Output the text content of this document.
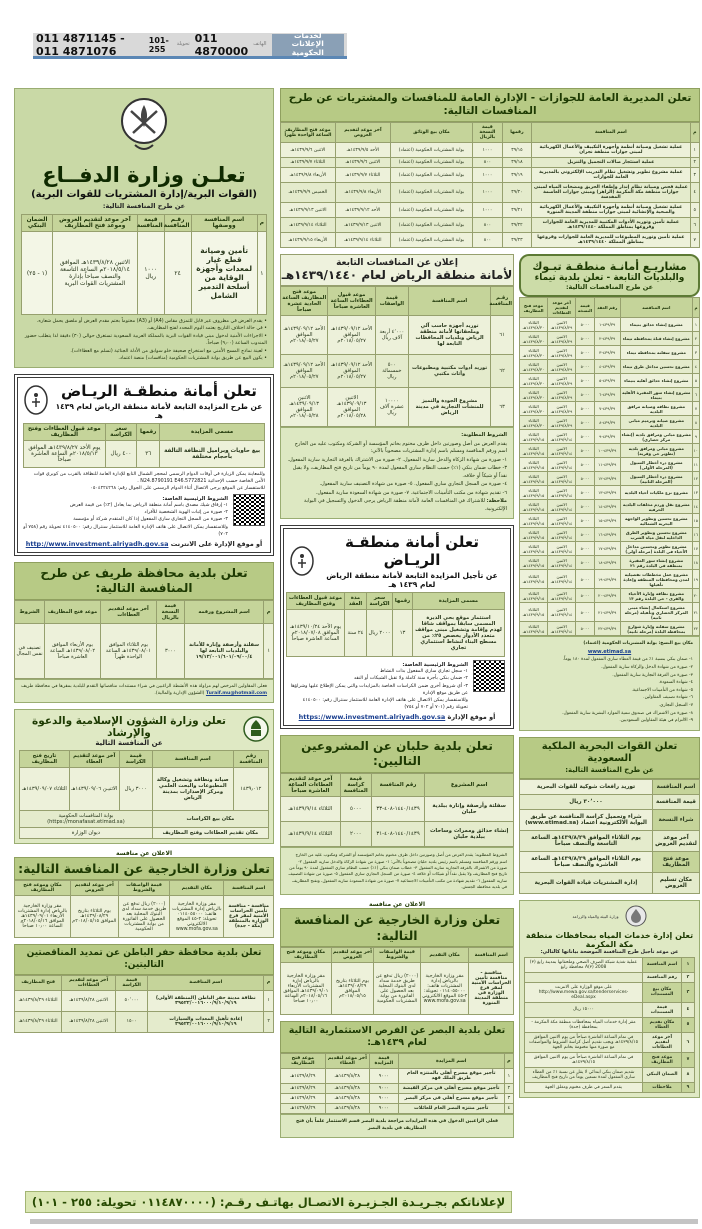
لخدمات الإعلانات الحكومية
الهاتف
011 4870000
تحويلة
101-255
011 4871145 - 011 4871076
تعلن المديرية العامة للجوازات - الإدارة العامة للمنافسات والمشتريات عن طرح المنافسات التالية:
م	اسم المنافسة	رقمها	قيمة النسخة بالريال	مكان بيع الوثائق	آخر موعد لتقديم العروض	موعد فتح المظاريف الساعة الواحدة ظهراً
١	عملية تشغيل وصيانة أنظمة وأجهزة التكييف والأعمال الكهربائية لمبنى جوازات منطقة نجران	٣٩/١٥	١٠٠٠	بوابة المشتريات الحكومية (اعتماد)	الأحد ١٤٣٩/٩/٥هـ	الاثنين ١٤٣٩/٩/٦هـ
٢	عملية استئجار صالات التجميل والتنزيل	٣٩/١٨	٨٠٠	بوابة المشتريات الحكومية (اعتماد)	الاثنين ١٤٣٩/٩/٦هـ	الثلاثاء ١٤٣٩/٩/٧هـ
٣	عملية مشروع تطوير وتشغيل نظام التدريب الإلكتروني بالمديرية العامة للجوازات	٣٩/١٩	١٠٠٠	بوابة المشتريات الحكومية (اعتماد)	الثلاثاء ١٤٣٩/٩/٧هـ	الأربعاء ١٤٣٩/٩/٨هـ
٤	عملية فحص وصيانة نظام إنذار وإطفاء الحريق ومضخات المياه لمبنى جوازات منطقة مكة المكرمة (الزاهر) ومبنى جوازات العاصمة المقدسة	٣٩/٢٠	١٠٠٠	بوابة المشتريات الحكومية (اعتماد)	الأربعاء ١٤٣٩/٩/٨هـ	الخميس ١٤٣٩/٩/٩هـ
٥	عملية تشغيل وصيانة أنظمة وأجهزة التكييف والأعمال الكهربائية والصحية والإنشائية لمبنى جوازات منطقة المدينة المنورة	٣٩/٢١	١٠٠٠	بوابة المشتريات الحكومية (اعتماد)	الأحد ١٤٣٩/٩/١٢هـ	الاثنين ١٤٣٩/٩/١٣هـ
٦	عملية تأمين وتوريد الأدوات المكتبية للمديرية العامة للجوازات وفروعها بمناطق المملكة ١٤٣٩/١٤٤٠هـ	٣٩/٢٢	٨٠٠	بوابة المشتريات الحكومية (اعتماد)	الاثنين ١٤٣٩/٩/١٣هـ	الثلاثاء ١٤٣٩/٩/١٤هـ
٧	عملية تأمين وتوريد المطبوعات للمديرية العامة للجوازات وفروعها بمناطق المملكة ١٤٣٩/١٤٤٠هـ	٣٩/٢٣	٨٠٠	بوابة المشتريات الحكومية (اعتماد)	الثلاثاء ١٤٣٩/٩/١٤هـ	الأربعاء ١٤٣٩/٩/١٥هـ
مشاريـع أمانـة منطقـة تبـوك
والبلديات التابعة - تعلن بلدية تيماء
عن طرح المناقصات التالية:
م	اسم المناقصة	رقم العقد	قيمة النسخة	آخر موعد لتقديم العطاءات	موعد فتح المظاريف
١	مشروع إنشاء حدائق بتيماء	٤٣٩/٣٩-١	٥٠٠٠	الاثنين ١٤٣٩/٨/٢٩هـ	الثلاثاء ١٤٣٩/٨/٣٠هـ
٢	مشروع إنشاء قناة بمحافظة تيماء	٤٣٩/٣٩-٢	٥٠٠٠	الاثنين ١٤٣٩/٨/٢٩هـ	الثلاثاء ١٤٣٩/٨/٣٠هـ
٣	مشروع سفلتة بمحافظة تيماء	٤٣٩/٣٩-٣	٥٠٠٠	الاثنين ١٤٣٩/٨/٢٩هـ	الثلاثاء ١٤٣٩/٨/٣٠هـ
٤	مشروع تحسين مداخل طرق تيماء	٤٣٩/٣٩-٤	٥٠٠٠	الاثنين ١٤٣٩/٨/٢٩هـ	الثلاثاء ١٤٣٩/٨/٣٠هـ
٥	مشروع إنشاء حدائق أهلية بتيماء	٤٣٩/٣٩-٥	٥٠٠٠	الاثنين ١٤٣٩/٨/٢٩هـ	الثلاثاء ١٤٣٩/٨/٣٠هـ
٦	مشروع إنشاء سور المقبرة الأهلية بتيماء	٤٣٩/٣٩-٦	٥٠٠٠	الاثنين ١٤٣٩/٨/٢٩هـ	الثلاثاء ١٤٣٩/٨/٣٠هـ
٧	مشروع نظافة وصيانة مرافق البلدية	٤٣٩/٣٩-٧	٥٠٠٠	الاثنين ١٤٣٩/٨/٢٩هـ	الثلاثاء ١٤٣٩/٨/٣٠هـ
٨	مشروع صيانة وترميم مباني البلدية	٤٣٩/٣٩-٨	٥٠٠٠	الاثنين ١٤٣٩/٨/٢٩هـ	الثلاثاء ١٤٣٩/٨/٣٠هـ
٩	مشروع مباني ومرافق بلدية (إنشاء مركز حضاري)	٤٣٩/٣٩-٩	٥٠٠٠	الاثنين ١٤٣٩/٩/١٤هـ	الثلاثاء ١٤٣٩/٩/١٥هـ
١٠	مشروع مباني ومرافق بلدية (تطوير حي وقرية)	٤٣٩/٣٩-١٠	٥٠٠٠	الاثنين ١٤٣٩/٩/١٤هـ	الثلاثاء ١٤٣٩/٩/١٥هـ
١١	مشروع درء أخطار السيول (المرحلة الأولى)	٤٣٩/٣٩-١١	٥٠٠٠	الاثنين ١٤٣٩/٩/١٤هـ	الثلاثاء ١٤٣٩/٩/١٥هـ
١٢	مشروع درء أخطار السيول (المرحلة الثانية)	٤٣٩/٣٩-١٢	٥٠٠٠	الاثنين ١٤٣٩/٩/١٤هـ	الثلاثاء ١٤٣٩/٩/١٥هـ
١٣	مشروع نزع ملكيات أحياء البلدية	٤٣٩/٣٩-١٣	٥٠٠٠	الاثنين ١٤٣٩/٩/١٤هـ	الثلاثاء ١٤٣٩/٩/١٥هـ
١٤	مشروع نقل وردم مخلفات البلدية الحرفية	٤٣٩/٣٩-١٤	٥٠٠٠	الاثنين ١٤٣٩/٩/١٤هـ	الثلاثاء ١٤٣٩/٩/١٥هـ
١٥	مشروع تحسين وتطوير الواجهة البحرية الشمالية	٤٣٩/٣٩-١٥	٥٠٠٠	الاثنين ١٤٣٩/٩/١٤هـ	الثلاثاء ١٤٣٩/٩/١٥هـ
١٦	مشروع تحسين وتطوير الطرق الداخلية لنقل مياه الشرب	٤٣٩/٣٩-١٦	٥٠٠٠	الاثنين ١٤٣٩/٩/١٤هـ	الثلاثاء ١٤٣٩/٩/١٥هـ
١٧	مشروع تطوير وتحسين مداخل الأحياء في البلدة (مرحلة أولى)	٤٣٩/٣٩-١٧	٥٠٠٠	الاثنين ١٤٣٩/٩/١٤هـ	الثلاثاء ١٤٣٩/٩/١٥هـ
١٨	مشروع إنشاء سور المقبرة بمنطقة في البلدة رقم ٢١	٤٣٩/٣٩-١٨	٥٠٠٠	الاثنين ١٤٣٩/٩/١٤هـ	الثلاثاء ١٤٣٩/٩/١٥هـ
١٩	مشروع عمل مخططات تفصيلية لمدن ومحافظات المنطقة وإعادة تأهيلها	٤٣٩/٣٩-١٩	٥٠٠٠	الاثنين ١٤٣٩/٩/١٤هـ	الثلاثاء ١٤٣٩/٩/١٥هـ
٢٠	مشروع نظافة وإنارة الأحياء والقرى - حي البلدة رقم ١٣	٤٣٩/٣٩-٢٠	٥٠٠٠	الاثنين ١٤٣٩/٩/١٤هـ	الثلاثاء ١٤٣٩/٩/١٥هـ
٢١	مشروع استكمال إنشاء مبنى المركز الحضاري وتأهيله (مرحلة ثانية)	٤٣٩/٣٩-٢١	٥٠٠٠	الاثنين ١٤٣٩/٩/١٤هـ	الثلاثاء ١٤٣٩/٩/١٥هـ
٢٢	مشروع سفلتة وإنارة شوارع بمحافظة البلدة (مرحلة ثانية)	٤٣٩/٣٩-٢٢	٥٠٠٠	الاثنين ١٤٣٩/٩/١٤هـ	الثلاثاء ١٤٣٩/٩/١٥هـ
مكان بيع النسخ: بوابة المشتريات الحكومية (اعتماد)
www.etimad.sa
١- ضمان بنكي بنسبة ١٪ من قيمة العطاء ساري المفعول لمدة ١٨٠ يوماً.
٢- صورة من شهادة الدخل والزكاة سارية المفعول.
٣- صورة من الغرفة التجارية سارية المفعول.
٤- شهادة السعودة.
٥- شهادة من التأمينات الاجتماعية.
٦- شهادة تصنيف المقاولين.
٧- السجل التجاري.
٨- صورة من الاشتراك في صندوق تنمية الموارد البشرية سارية المفعول.
٩- الالتزام في هيئة المقاولين السعوديين.
تعلن القوات البحرية الملكية السعودية
عن طرح المنافسة التالية:
اسم المنافسة	توريد رافعات شوكية للقوات البحرية
قيمة المنافسة	٣٠٬٠٠٠ ريال
شراء النسخة	شراء وتحميل كراسة المنافسة عن طريق البوابة الالكترونية اعتماد (www.etimad.sa)
آخر موعد لتقديم العروض	يوم الثلاثاء الموافق ١٤٣٩/٨/٢٩هـ الساعة التاسعة والنصف صباحاً
موعد فتح المظاريف	يوم الثلاثاء الموافق ١٤٣٩/٨/٢٩هـ الساعة العاشرة والنصف صباحاً
مكان تسليم العروض	إدارة المشتريات قيادة القوات البحرية
وزارة البيئة والمياه والزراعة
تعلن إدارة خدمات المياه بمحافظات منطقة مكة المكرمة
عن موعد تأجيل طرح المنافسة الموضحة بياناتها كالتالي:
١	اسم المنافسة	عملية تغذية شبكة الصرف الصحي وملحقاتها بمدينة رابغ (٣) 2008 (٣)A محافظة رابغ
٢	رقم المنافسة	
٣	مكان بيع المستندات	على موقع الوزارة على الانترنت http://www.mewa.gov.sa/tenderservices-eDeal.aspx
٤	قيمة المستندات	١٥٠٠٠ ريال
٥	مكان تقديم العطاء	مقر إدارة خدمات المياه بمحافظات منطقة مكة المكرمة - بمحافظة (جدة)
٦	آخر موعد لتقديم العطاءات	في تمام الساعة العاشرة صباحاً من يوم الاثنين الموافق ١٤٣٩/٨/١٥هـ ويجب تقديم أصل كراسة الشروط والمواصفات مع صورة منها مختومة بخاتم الجهة
٧	موعد فتح المظاريف	في تمام الساعة العاشرة صباحاً من يوم الاثنين الموافق ١٤٣٩/٨/١٥هـ
٨	الضمان البنكي	تقديم ضمان بنكي ابتدائي لا يقل عن نسبة ١٪ من العطاء ساري المفعول لمدة تسعين يوماً من تاريخ فتح المظاريف
٩	ملاحظات	يقدم السعر في ظرف مختوم ومغلق الجهة
إعلان عن المنافسات التابعة
لأمانة منطقة الرياض لعام ١٤٣٩/١٤٤٠هـ
رقـم المنافسة	اسم المنافسة	قيمة الواصفات	موعد قبول العطاءات الساعة العاشرة صباحاً	موعد فتح المظاريف الساعة الحادية عشرة صباحاً
٦١	توريد أجهزة حاسب آلي وملحقاتها لأمانة منطقة الرياض وبلديات المحافظات التابعة لها	٤٬٠٠٠ أربعة آلاف ريال	الأحد ١٤٣٩/٠٩/١٢هـ الموافق ٢٠١٨/٠٥/٢٧م	الأحد ١٤٣٩/٠٩/١٢هـ الموافق ٢٠١٨/٠٥/٢٧م
٦٢	توريد أدوات مكتبية ومطبوعات وأثاث مكتبي	٥٠٠ خمسمائة ريال	الأحد ١٤٣٩/٠٩/١٢هـ الموافق ٢٠١٨/٠٥/٢٧م	الأحد ١٤٣٩/٠٩/١٢هـ الموافق ٢٠١٨/٠٥/٢٧م
٦٣	مشروع الجودة والتميز للمنشآت التجارية في مدينة الرياض	١٠٠٠٠ عشرة آلاف ريال	الاثنين ١٤٣٩/٠٩/١٣هـ الموافق ٢٠١٨/٠٥/٢٨م	الاثنين ١٤٣٩/٠٩/١٣هـ الموافق ٢٠١٨/٠٥/٢٨م
الشروط المطلوبة:
يقدم العرض من أصل وصورتين داخل ظرف مختوم بخاتم المؤسسة أو الشركة ومكتوب عليه من الخارج اسم ورقم المنافسة ومسلم باسم إدارة المشتريات مصحوباً بالآتي:
١- صورة من شهادة الزكاة والدخل سارية المفعول. ٢- صورة من الاشتراك بالغرفة التجارية سارية المفعول.
٣- خطاب ضمان بنكي (١٪) حسب النظام ساري المفعول لمدة ٩٠ يوماً من تاريخ فتح المظاريف، ولا يقبل نقداً أو شيكاً أو خلافه.
٤- صورة من السجل التجاري ساري المفعول. ٥- صورة من شهادة التصنيف سارية المفعول.
٦- تقديم شهادة من مكتب التأمينات الاجتماعية. ٧- صورة من شهادة السعودة سارية المفعول.
ملاحظة: للاشتراك في المنافسات العامة لأمانة منطقة الرياض يرجى الدخول والتسجيل في البوابة الإلكترونية.
تعلن أمانة منطقـة الريـاض
عن تأجيل المزايدة التابعة لأمانة منطقة الرياض لعام ١٤٣٩ هـ
مسمى المزايدة	رقمها	سعر الكراسة	مدة العقد	موعد قبول العطاءات وفتح المظاريف
استثمار موقع بحي الديرة المسمى سابقاً بمواقف شاقا لهدم وإقامة وتشغيل مبنى مواقف متعدد الأدوار يخصص ٢٥٪ من مسطح البناء لنشاط استثماري تجاري	١٣	٢٠٠٠ ريال	٢٤ سنة	يوم الأحد ١٤٣٩/١٠/٢٤هـ الموافق ٢٠١٨/٠٧/٠٨م الساعة العاشرة صباحاً
الشروط الرئيسية الخاصة:
١- سجل تجاري ساري المفعول بذات النشاط
٢- ضمان بنكي بأجرة سنة كاملة ولا تقبل الشيكات أو النقد
٣- أي شروط أخرى ضمن الكراسات الخاصة بالمزايدات والتي يمكن الإطلاع عليها وشراؤها عن طريق موقع الإدارة
وللاستفسار يمكن الاتصال على هاتف الإدارة العامة للاستثمار سنترال رقم: ٤١٤٠٥٠٠ تحويلة رقم (٧٠١ أو ٧٠٢ أو ٧٥٤)
أو موقع الإدارة https://www.investment.alriyadh.gov.sa
تعلن بلدية حلبان عن المشروعين التاليين:
اسم المشروع	رقم المنافسة	قيمة كراسة المنافسة	آخر موعد لتقديم العطاءات الساعة العاشرة صباحاً
سفلتة وأرصفة وإنارة ببلدية حلبان	١٤٤٠/١٤٣٩-٤٠٨-٣٣	٥٠٠٠	الثلاثاء ١٤٣٩/٩/١٤هـ
إنشاء حدائق وممرات وساحات ببلدية حلبان	١٤٤٠/١٤٣٩-٤٠٨-٣١	٢٠٠٠	الثلاثاء ١٤٣٩/٩/١٤هـ
الشروط المطلوبة: يقدم العرض من أصل وصورتين داخل ظرف مختوم بخاتم المؤسسة أو الشركة ومكتوب عليه من الخارج اسم ورقم المنافسة ومسلم باسم رئيس بلدية حلبان مصحوباً بالآتي: ١- صورة من شهادة الزكاة والدخل سارية المفعول ٢- صورة من الاشتراك بالغرفة التجارية سارية المفعول ٣- خطاب ضمان بنكي (١٪) حسب النظام ساري المفعول لمدة ٩٠ يوماً من تاريخ فتح المظاريف ولا يقبل نقداً أو شيكات أو خلافه ٤- صورة من السجل التجاري ساري المفعول ٥- صورة من شهادة التصنيف سارية المفعول ٦- تقديم شهادة من مكتب التأمينات الاجتماعية ٧- صورة من شهادة السعودة سارية المفعول، وتفتح المظاريف في بلدية محافظة الجمش.
الاعلان عن منافسة
تعلن وزارة الخارجية عن المنافسة التالية:
اسم المنافسة	مكان التقديم	قيمة الواصفات والشروط	آخر موعد لتقديم العروض	مكان وموعد فتح المظاريف
منافسة - منافسة تأمين الحراسات الأمنية لمقر فرع الوزارة في منطقة المدينة المنورة	مقر وزارة الخارجية بالرياض إدارة المشتريات هاتف: ٠١١٤٠٥٥٠٠٠ تحويلة: ٢-٤٥ الموقع الالكتروني www.mofa.gov.sa	(٢٠٠٠) ريال تدفع عن طريق خدمة سداد لدى البنوك المحلية بعد الحصول على الفاتورة من بوابة المشتريات الحكومية	يوم الثلاثاء بتاريخ ١٤٣٩/٠٨/٢٩هـ الموافق ٢٠١٨/٠٥/١٥م	مقر وزارة الخارجية بالرياض إدارة المشتريات الأربعاء ١٤٣٩/٠٩/٠١هـ الموافق ٢٠١٨/٠٥/١٦م الساعة ١٠٫٠٠ صباحاً
تعلن بلدية البصر عن الفرص الاستثمارية التالية لعام ١٤٣٩هـ:
م	اسم المزايدة	قيمة المزايدة	آخر موعد لتقديم العطاء	موعد فتح المظاريف
١	تأجير موقع مسرح أهلي بالمنتزه العام طريق الملك فهد	٩٠٠٠	١٤٣٩/٨/٢٨هـ	١٤٣٩/٨/٢٩هـ
٢	تأجير موقع مسرح أهلي في مركز الفيضة	٩٠٠٠	١٤٣٩/٨/٢٨هـ	١٤٣٩/٨/٢٩هـ
٣	تأجير موقع مسرح أهلي في مركز البصر	٩٠٠٠	١٤٣٩/٨/٢٨هـ	١٤٣٩/٨/٢٩هـ
٤	تأجير منتزه البصر العام للعائلات	٩٠٠٠	١٤٣٩/٨/٢٨هـ	١٤٣٩/٨/٢٩هـ
فعلى الراغبين الدخول في هذه المزايدات مراجعة بلدية البصر قسم الاستثمار علماً بأن فتح المظاريف في بلدية البصر
تعلـن وزارة الدفــاع
(القوات البرية/إدارة المشتريات للقوات البرية)
عن طرح المنافسة التالية:
م	اسم المنافسة ووصفها	رقـم المنافسة	قيمة المنافسة	آخر موعد لتقديم العروض وموعد فتح المظاريف	الضمان البنكي
١	تأمين وصيانة قطع غيار لمعدات وأجهزة الوقاية من أسلحة التدمير الشامل	٢٤	١٠٠٠ ريال	الاثنين ١٤٣٩/٨/٢٨هـ الموافق ٢٠١٨/٥/١٤م الساعة التاسعة والنصف صباحاً بإدارة المشتريات القوات البرية	(١ - ٢٥)
• يقدم العرض في مظروف غير قابل للتمزق مقاس (A4) أو (A3) مختوماً بختم مقدم العرض أو ملصق يحمل شعاره.
• في حالة اختلاف التاريخ يعتمد اليوم المحدد لفتح المظاريف.
• الاجراءات الأمنية لدخول مبنى قيادة القوات البرية بالمملكة العربية السعودية تستغرق حوالي (٣٠) دقيقة لذا يتطلب حضور المندوب الساعة (٩٫٠٠) صباحاً.
• لعينة نماذج المسح الأمني مع استخراج صحيفة خلو سوابق من الأدلة الجنائية (تسلم مع العطاءات).
• يكون البيع عن طريق بوابة المشتريات الحكومية (منافسات) منصة اعتماد.
تعلن أمانة منطقـة الريـاض
عن طرح المزايدة التابعة لأمانة منطقة الرياض لعام ١٤٣٩ هـ
مسمى المزايدة	رقمها	سعر الكراسة	موعد قبول العطاءات وفتح المظاريف
بيع حاويات وبراميل النظافة التالفة بأحجام مختلفة	٣٦	٤٠٠ ريال	يوم الأحد ١٤٣٩/٨/٢٧هـ الموافق ٢٠١٨/٥/١٣م الساعة العاشرة صباحاً
وللمعاينة يمكن الزيارة في أوقات الدوام الرسمي لمحجر الشمال التابع للإدارة العامة للنظافة بالقرب من كوبري قوات الأمن الخاصة حسب الإحداثية N24.8790191 E46.5772821 .
للاستفسار عن الموقع يرجى الاتصال أثناء الدوام الرسمي على الجوال رقم: ٠٥٠٤٢٢٤٢٦٨
الشروط الرئيسية الخاصة:
١- إرفاق شيك مصدق باسم أمانة منطقة الرياض بما يعادل (٢٪) من قيمة العرض
٢- صورة من إثبات الهوية الشخصية للأفراد
٣- صورة من السجل التجاري ساري المفعول إذا كان المتقدم شركة أو مؤسسة
وللاستفسار يمكن الاتصال على هاتف الإدارة العامة للاستثمار سنترال رقم: ٤١٤٠٥٠٠ تحويلة رقم (٧٥٨ أو ٧٠٢)
أو موقع الإدارة على الانترنت http://www.investment.alriyadh.gov.sa
تعلن بلدية محافظة طريف عن طرح المنافسة التالية:
م	اسم المشروع ورقمه	قيمة النسخة بالريال	آخر موعد لتقديم العطاءات	موعد فتح المظاريف	الشروط
١	سفلتة وأرصفة وإنارة للأمانة والبلديات التابعة لها ١٩/١٣/٠٠١/٦٠١/٠٩/٠٠/٤	٣٠٠٠	يوم الثلاثاء الموافق ١٤٣٩/٠٨/٠١هـ الساعة الواحدة ظهراً	يوم الأربعاء الموافق ١٤٣٩/٠٨/٠٢هـ الساعة العاشرة صباحاً	تصنيف في نفس المجال
فعلى المقاولين المرخص لهم مزاولة هذه الأنشطة الراغبين في شراء مستندات مناقصاتها التقدم للبلدية بمقرها في محافظة طريف Turaif.mu@hotmail.com (الشؤون الإدارية والمالية).
تعلن وزارة الشؤون الإسلامية والدعوة والإرشاد
عن المنافسة التالية
رقم المنافسة	اسم المنافسة	قيمة الكراسة	آخر موعد لتقديم العطاء	تاريخ فتح المظاريف
١٤٣٩٫٠١٢	صيانة ونظافة وتشغيل وكالة المطبوعات والبحث العلمي ومركز الإصدارات بمدينة الرياض	٣٠٠٠ ريال	الاثنيـن ١٤٣٩/٠٩/٠٦هـ	الثلاثاء ١٤٣٩/٠٩/٠٧هـ
مكان بيع الكراسات		بوابة المنافسات الحكومية (https://monafasat.etimad.sa)		
مكان تقديم العطاءات وفتح المظاريف		ديوان الوزارة		
الاعلان عن منافسة
تعلن وزارة الخارجية عن المنافسة التالية:
اسم المنافسة	مكان التقديم	قيمة الواصفات والشروط	آخر موعد لتقديم العروض	مكان وموعد فتح المظاريف
منافسة - منافسة تأمين الحراسات الأمنية لمقر فرع الوزارة بالمنطقة (مكة - جدة)	مقر وزارة الخارجية بالرياض إدارة المشتريات هاتف: ٠١١٤٠٥٥٠٠٠ تحويلة: ٢-٤٥ الموقع الالكتروني www.mofa.gov.sa	(٢٠٠٠) ريال تدفع عن طريق خدمة سداد لدى البنوك المحلية بعد الحصول على الفاتورة من بوابة المشتريات الحكومية	يوم الثلاثاء بتاريخ ١٤٣٩/٠٨/٢٩هـ الموافق ٢٠١٨/٠٥/١٥م	مقر وزارة الخارجية بالرياض إدارة المشتريات الأربعاء ١٤٣٩/٠٩/٠١هـ الموافق ٢٠١٨/٠٥/١٦م الساعة ١٠٫٠٠ صباحاً
تعلن بلدية محافظة حفر الباطن عن تمديد المناقصتين التاليتين:
م	اسم المناقصة	قيمة الكراسة	آخر موعد لتقديم العطاءات	فتح المظاريف
١	نظافة مدينة حفر الباطن (المنطقة الأولى) ٣٩٥٢٢/٠٠١٦٠٠٠/٩/١٠/٩/١٩	٥٠٬٠٠٠	الاثنين ١٤٣٩/٨/٢٨هـ	الثلاثاء ١٤٣٩/٨/٢٩هـ
٢	إعادة تأهيل المعدات والسيارات ٣٩٥٢٣/٠٠١٦٠٠٠/٩/١٠/٩/١٩	١٥٠٠	الاثنين ١٤٣٩/٨/٢٨هـ	الثلاثاء ١٤٣٩/٨/٢٩هـ
لإعلاناتكم بجـريـدة الجـزيـرة الاتصـال بهاتـف رقـم: (٠١١٤٨٧٠٠٠٠ تحويلة: ٢٥٥ - ١٠١)
